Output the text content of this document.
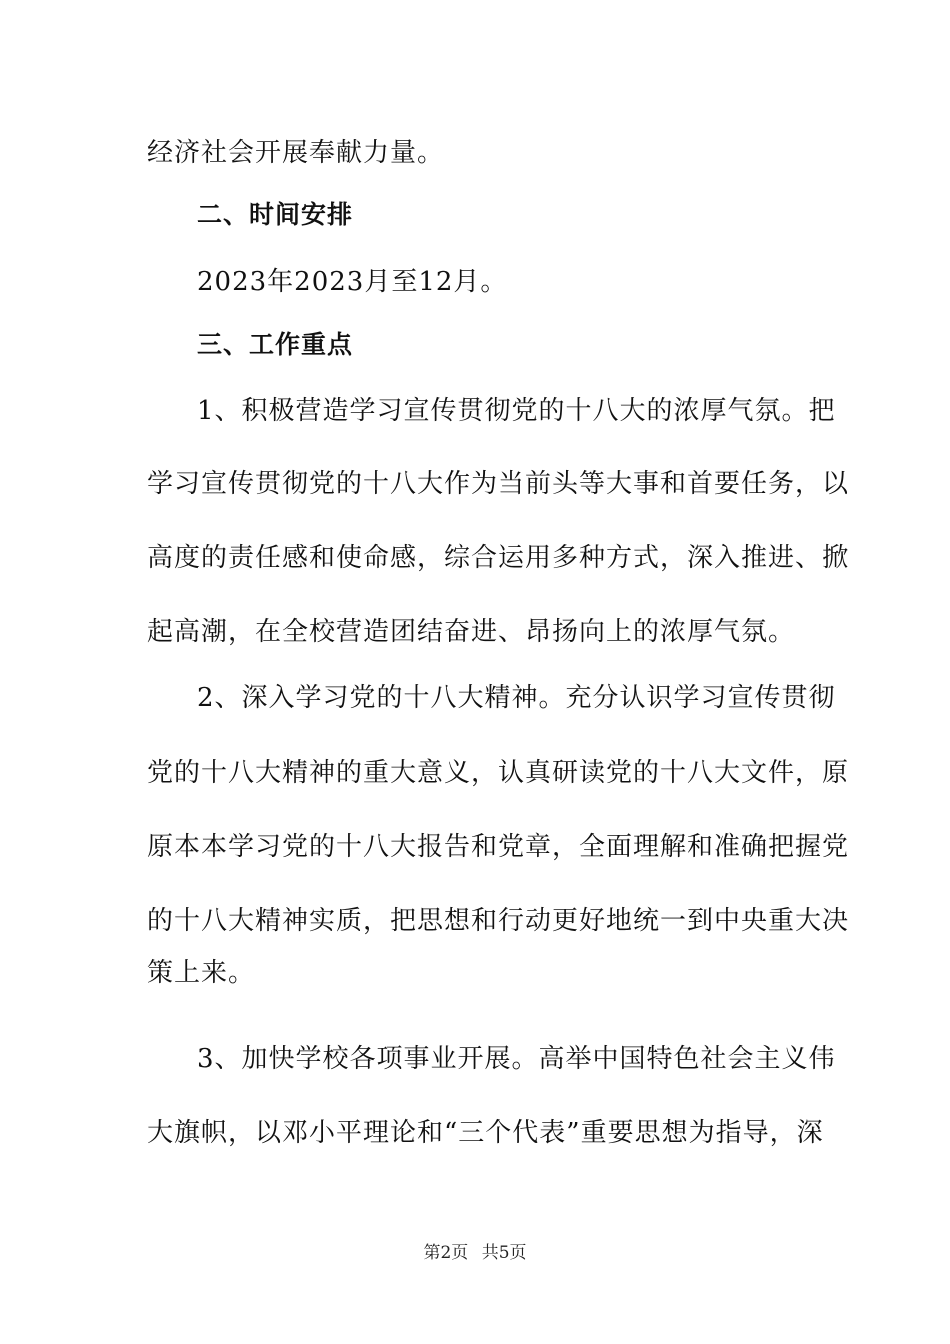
经济社会开展奉献力量。
二、时间安排
2023年2023月至12月。
三、工作重点
1、积极营造学习宣传贯彻党的十八大的浓厚气氛。把
学习宣传贯彻党的十八大作为当前头等大事和首要任务，以
高度的责任感和使命感，综合运用多种方式，深入推进、掀
起高潮，在全校营造团结奋进、昂扬向上的浓厚气氛。
2、深入学习党的十八大精神。充分认识学习宣传贯彻
党的十八大精神的重大意义，认真研读党的十八大文件，原
原本本学习党的十八大报告和党章，全面理解和准确把握党
的十八大精神实质，把思想和行动更好地统一到中央重大决
策上来。
3、加快学校各项事业开展。高举中国特色社会主义伟
大旗帜，以邓小平理论和“三个代表”重要思想为指导，深
第2页 共5页
